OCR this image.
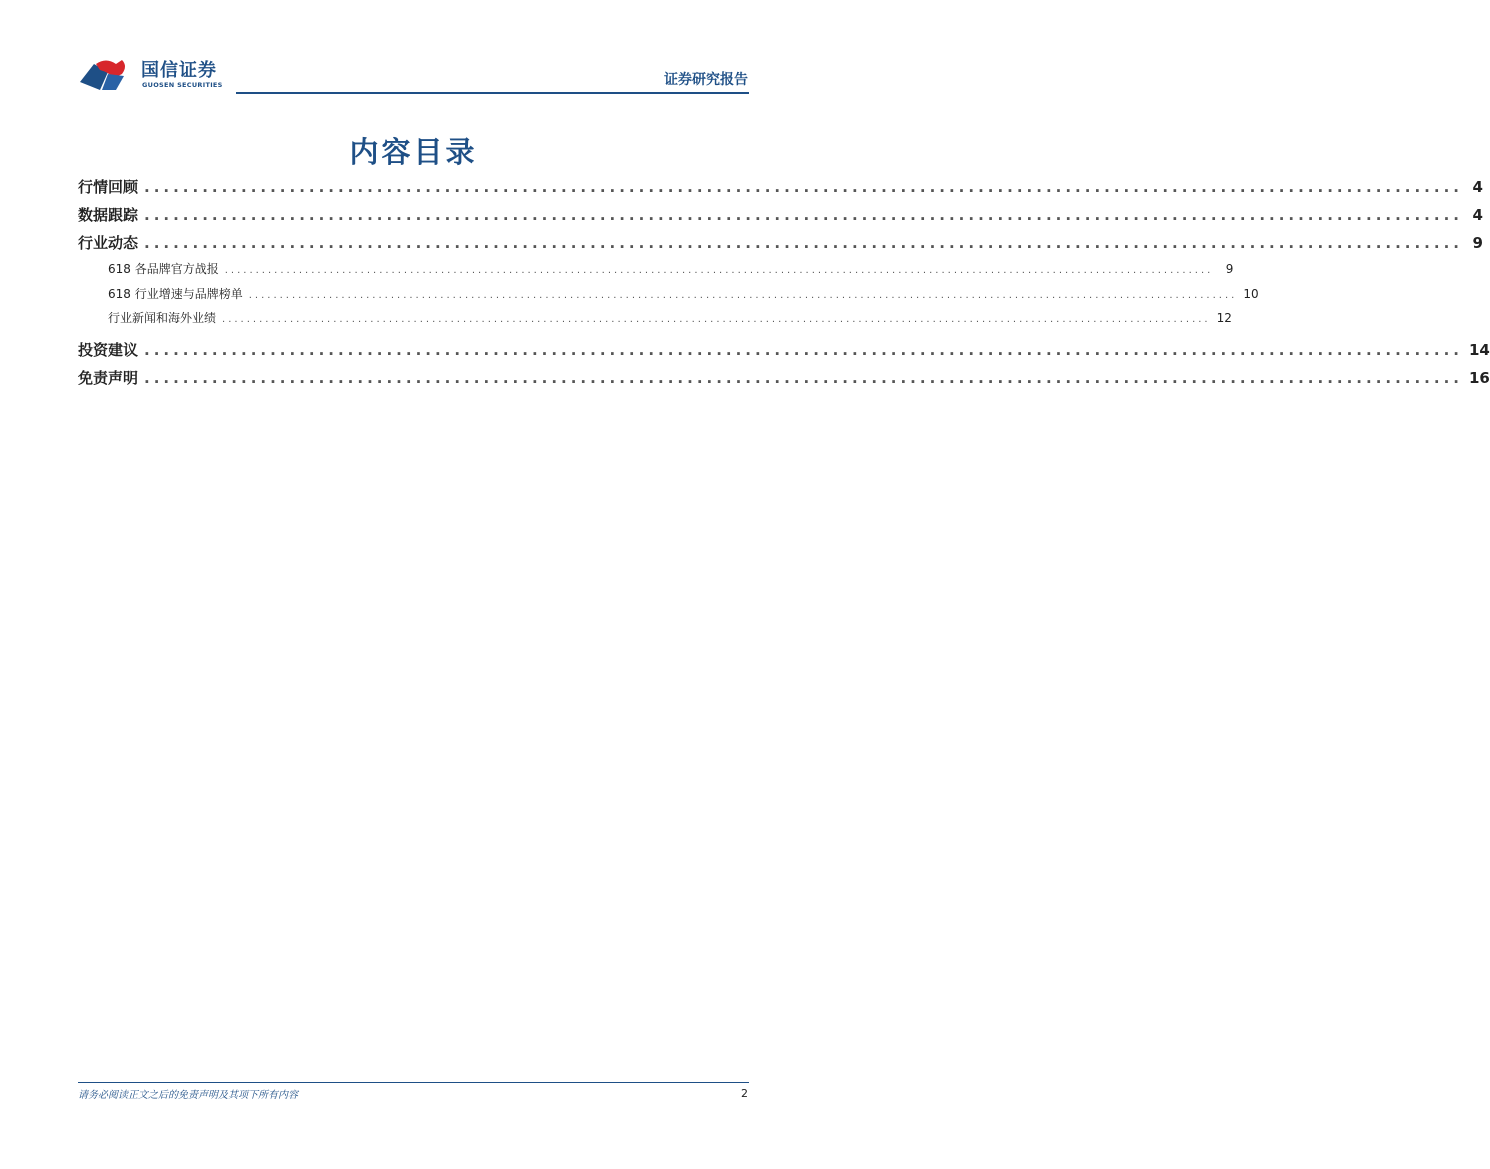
国信证券
GUOSEN SECURITIES	证券研究报告
内容目录
行情回顾 ........................................................................................................................................ 4
数据跟踪 ........................................................................................................................................ 4
行业动态 ........................................................................................................................................ 9
618 各品牌官方战报 ................................................................................................................................................................	9
618 行业增速与品牌榜单 ................................................................................................................................................................ 10
行业新闻和海外业绩 ................................................................................................................................................................ 12
投资建议 ........................................................................................................................................ 14
免责声明 ........................................................................................................................................ 16
请务必阅读正文之后的免责声明及其项下所有内容	2
